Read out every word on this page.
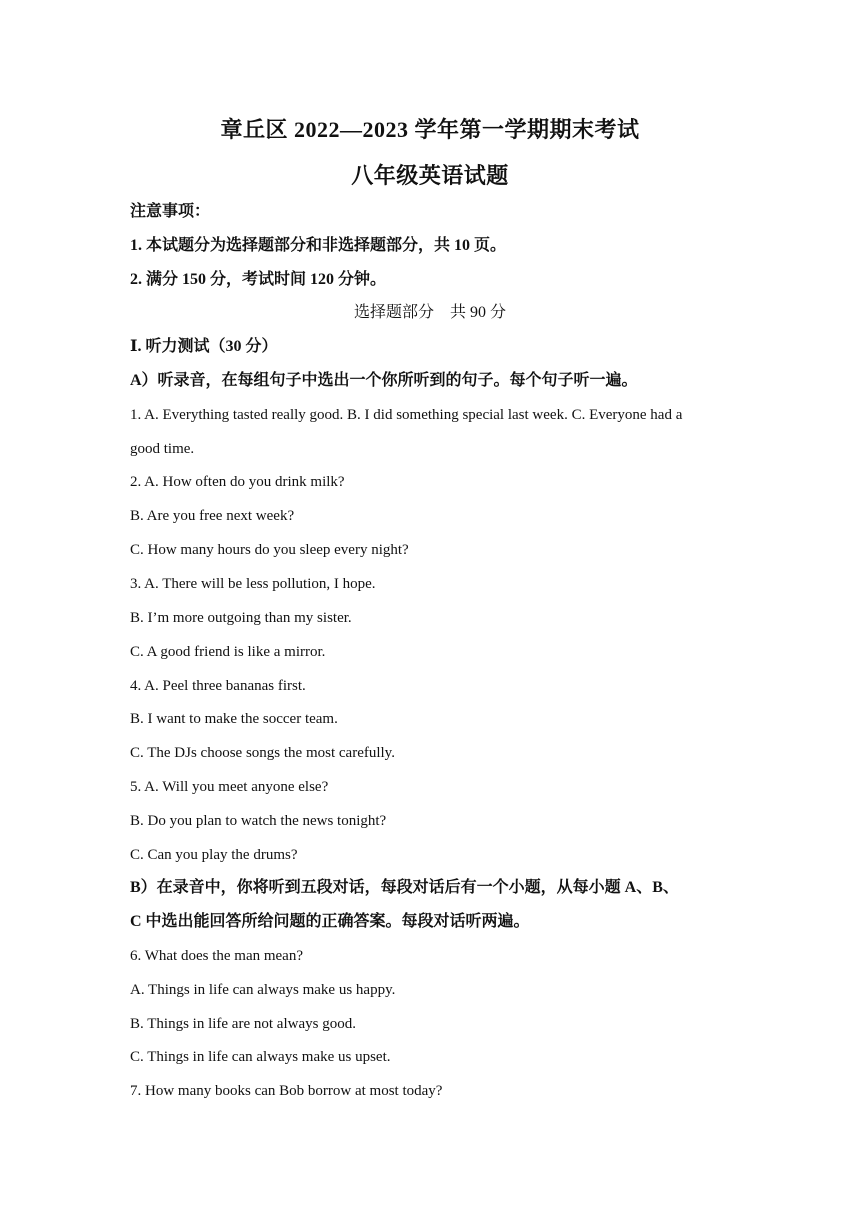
章丘区 2022—2023 学年第一学期期末考试
八年级英语试题
注意事项：
1. 本试题分为选择题部分和非选择题部分，共 10 页。
2. 满分 150 分，考试时间 120 分钟。
选择题部分　共 90 分
Ⅰ. 听力测试（30 分）
A）听录音，在每组句子中选出一个你所听到的句子。每个句子听一遍。
1. A. Everything tasted really good. B. I did something special last week. C. Everyone had a
good time.
2. A. How often do you drink milk?
B. Are you free next week?
C. How many hours do you sleep every night?
3. A. There will be less pollution, I hope.
B. I’m more outgoing than my sister.
C. A good friend is like a mirror.
4. A. Peel three bananas first.
B. I want to make the soccer team.
C. The DJs choose songs the most carefully.
5. A. Will you meet anyone else?
B. Do you plan to watch the news tonight?
C. Can you play the drums?
B）在录音中，你将听到五段对话，每段对话后有一个小题，从每小题 A、B、
C 中选出能回答所给问题的正确答案。每段对话听两遍。
6. What does the man mean?
A. Things in life can always make us happy.
B. Things in life are not always good.
C. Things in life can always make us upset.
7. How many books can Bob borrow at most today?
